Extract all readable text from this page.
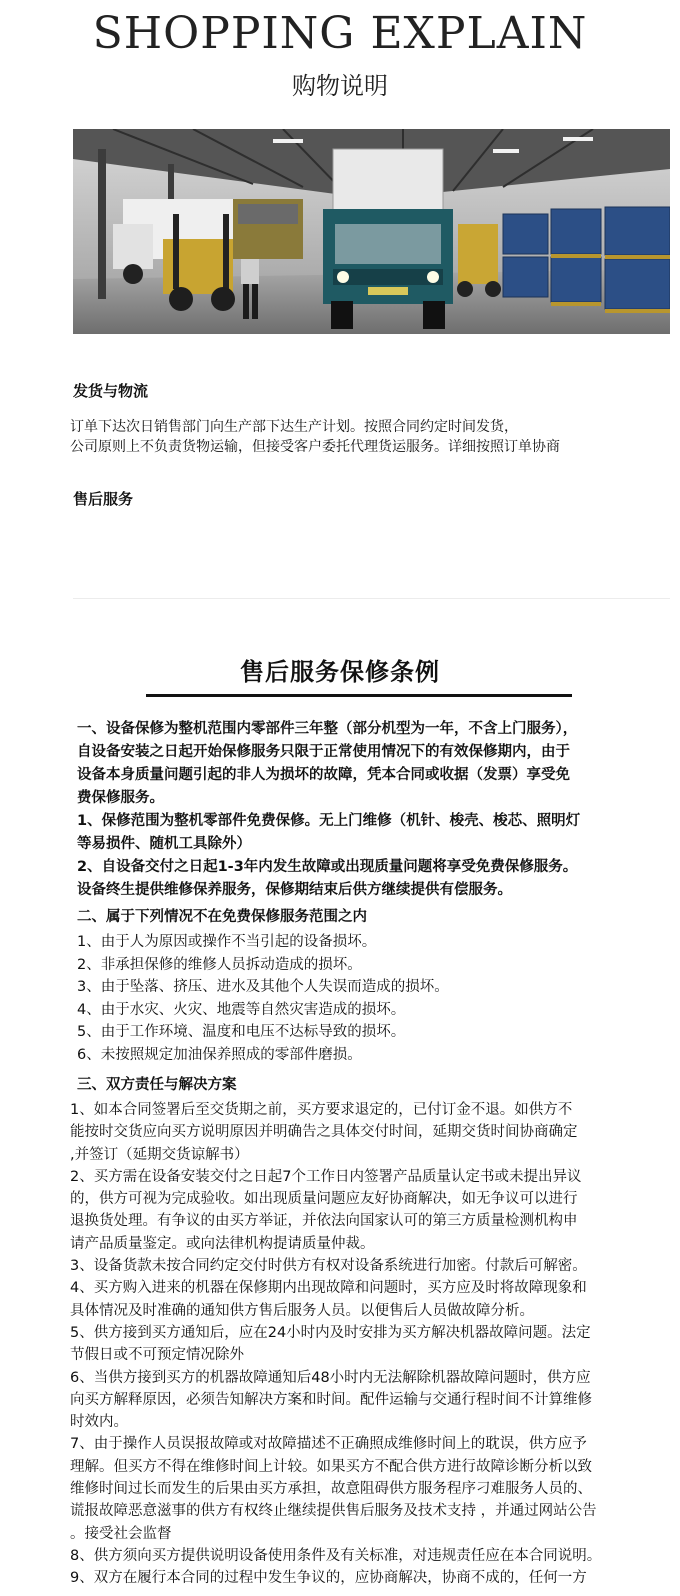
SHOPPING EXPLAIN
购物说明
发货与物流
订单下达次日销售部门向生产部下达生产计划。按照合同约定时间发货，
公司原则上不负责货物运输，但接受客户委托代理货运服务。详细按照订单协商
售后服务
售后服务保修条例
一、设备保修为整机范围内零部件三年整（部分机型为一年，不含上门服务），
自设备安装之日起开始保修服务只限于正常使用情况下的有效保修期内，由于
设备本身质量问题引起的非人为损坏的故障，凭本合同或收据（发票）享受免
费保修服务。
1、保修范围为整机零部件免费保修。无上门维修（机针、梭壳、梭芯、照明灯
等易损件、随机工具除外）
2、自设备交付之日起1-3年内发生故障或出现质量问题将享受免费保修服务。
设备终生提供维修保养服务，保修期结束后供方继续提供有偿服务。
二、属于下列情况不在免费保修服务范围之内
1、由于人为原因或操作不当引起的设备损坏。
2、非承担保修的维修人员拆动造成的损坏。
3、由于坠落、挤压、进水及其他个人失误而造成的损坏。
4、由于水灾、火灾、地震等自然灾害造成的损坏。
5、由于工作环境、温度和电压不达标导致的损坏。
6、未按照规定加油保养照成的零部件磨损。
三、双方责任与解决方案
1、如本合同签署后至交货期之前，买方要求退定的，已付订金不退。如供方不
能按时交货应向买方说明原因并明确告之具体交付时间，延期交货时间协商确定
,并签订（延期交货谅解书）
2、买方需在设备安装交付之日起7个工作日内签署产品质量认定书或未提出异议
的，供方可视为完成验收。如出现质量问题应友好协商解决，如无争议可以进行
退换货处理。有争议的由买方举证，并依法向国家认可的第三方质量检测机构申
请产品质量鉴定。或向法律机构提请质量仲裁。
3、设备货款未按合同约定交付时供方有权对设备系统进行加密。付款后可解密。
4、买方购入进来的机器在保修期内出现故障和问题时，买方应及时将故障现象和
具体情况及时准确的通知供方售后服务人员。以便售后人员做故障分析。
5、供方接到买方通知后，应在24小时内及时安排为买方解决机器故障问题。法定
节假日或不可预定情况除外
6、当供方接到买方的机器故障通知后48小时内无法解除机器故障问题时，供方应
向买方解释原因，必须告知解决方案和时间。配件运输与交通行程时间不计算维修
时效内。
7、由于操作人员误报故障或对故障描述不正确照成维修时间上的耽误，供方应予
理解。但买方不得在维修时间上计较。如果买方不配合供方进行故障诊断分析以致
维修时间过长而发生的后果由买方承担，故意阻碍供方服务程序刁难服务人员的、
谎报故障恶意滋事的供方有权终止继续提供售后服务及技术支持 ，并通过网站公告
。接受社会监督
8、供方须向买方提供说明设备使用条件及有关标准，对违规责任应在本合同说明。
9、双方在履行本合同的过程中发生争议的，应协商解决，协商不成的，任何一方
